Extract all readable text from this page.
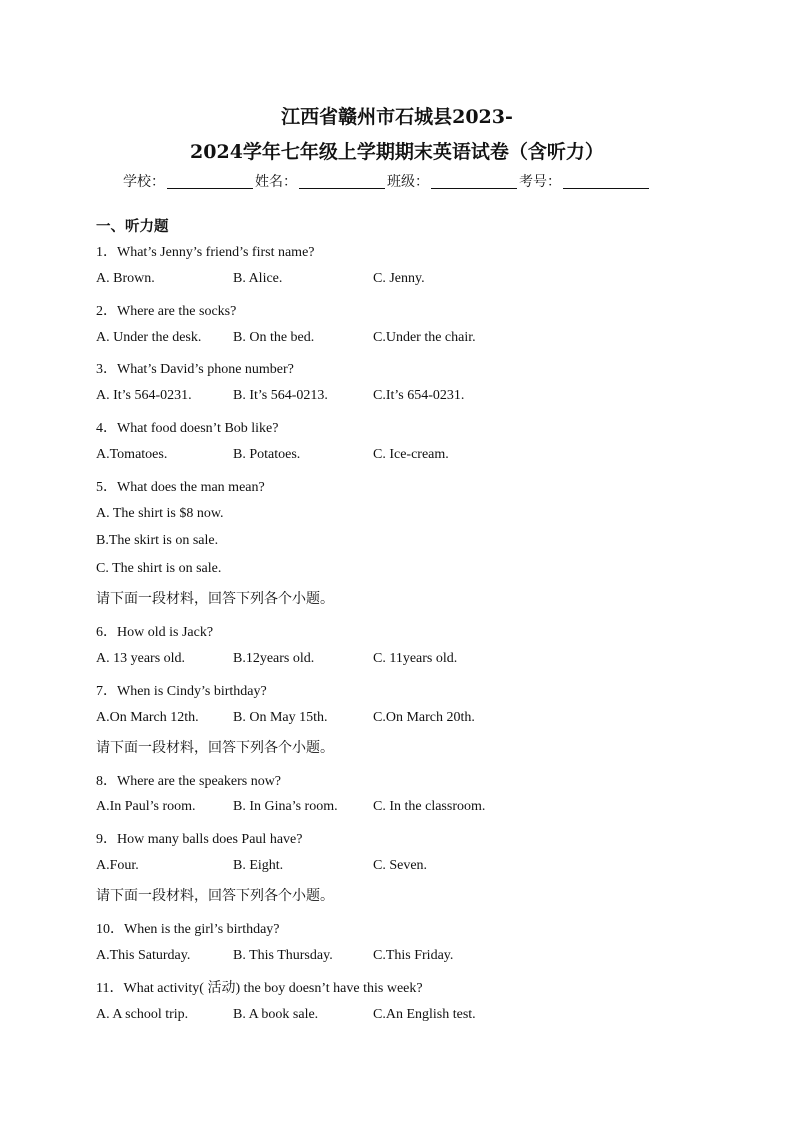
江西省赣州市石城县2023-
2024学年七年级上学期期末英语试卷（含听力）
学校：	姓名：	班级：	考号：
一、听力题
1．What’s Jenny’s friend’s first name?
A. Brown.	B. Alice.	C. Jenny.
2．Where are the socks?
A. Under the desk. B. On the bed.	C.Under the chair.
3．What’s David’s phone number?
A. It’s 564-0231.	B. It’s 564-0213.	C.It’s 654-0231.
4．What food doesn’t Bob like?
A.Tomatoes.	B. Potatoes.	C. Ice-cream.
5．What does the man mean?
A. The shirt is $8 now.
B.The skirt is on sale.
C. The shirt is on sale.
请下面一段材料，回答下列各个小题。
6．How old is Jack?
A. 13 years old.	B.12years old.	C. 11years old.
7．When is Cindy’s birthday?
A.On March 12th. B. On May 15th.	C.On March 20th.
请下面一段材料，回答下列各个小题。
8．Where are the speakers now?
A.In Paul’s room.	B. In Gina’s room.	C. In the classroom.
9．How many balls does Paul have?
A.Four.	B. Eight.	C. Seven.
请下面一段材料，回答下列各个小题。
10．When is the girl’s birthday?
A.This Saturday.	B. This Thursday.	C.This Friday.
11．What activity( 活动) the boy doesn’t have this week?
A. A school trip.	B. A book sale.	C.An English test.
